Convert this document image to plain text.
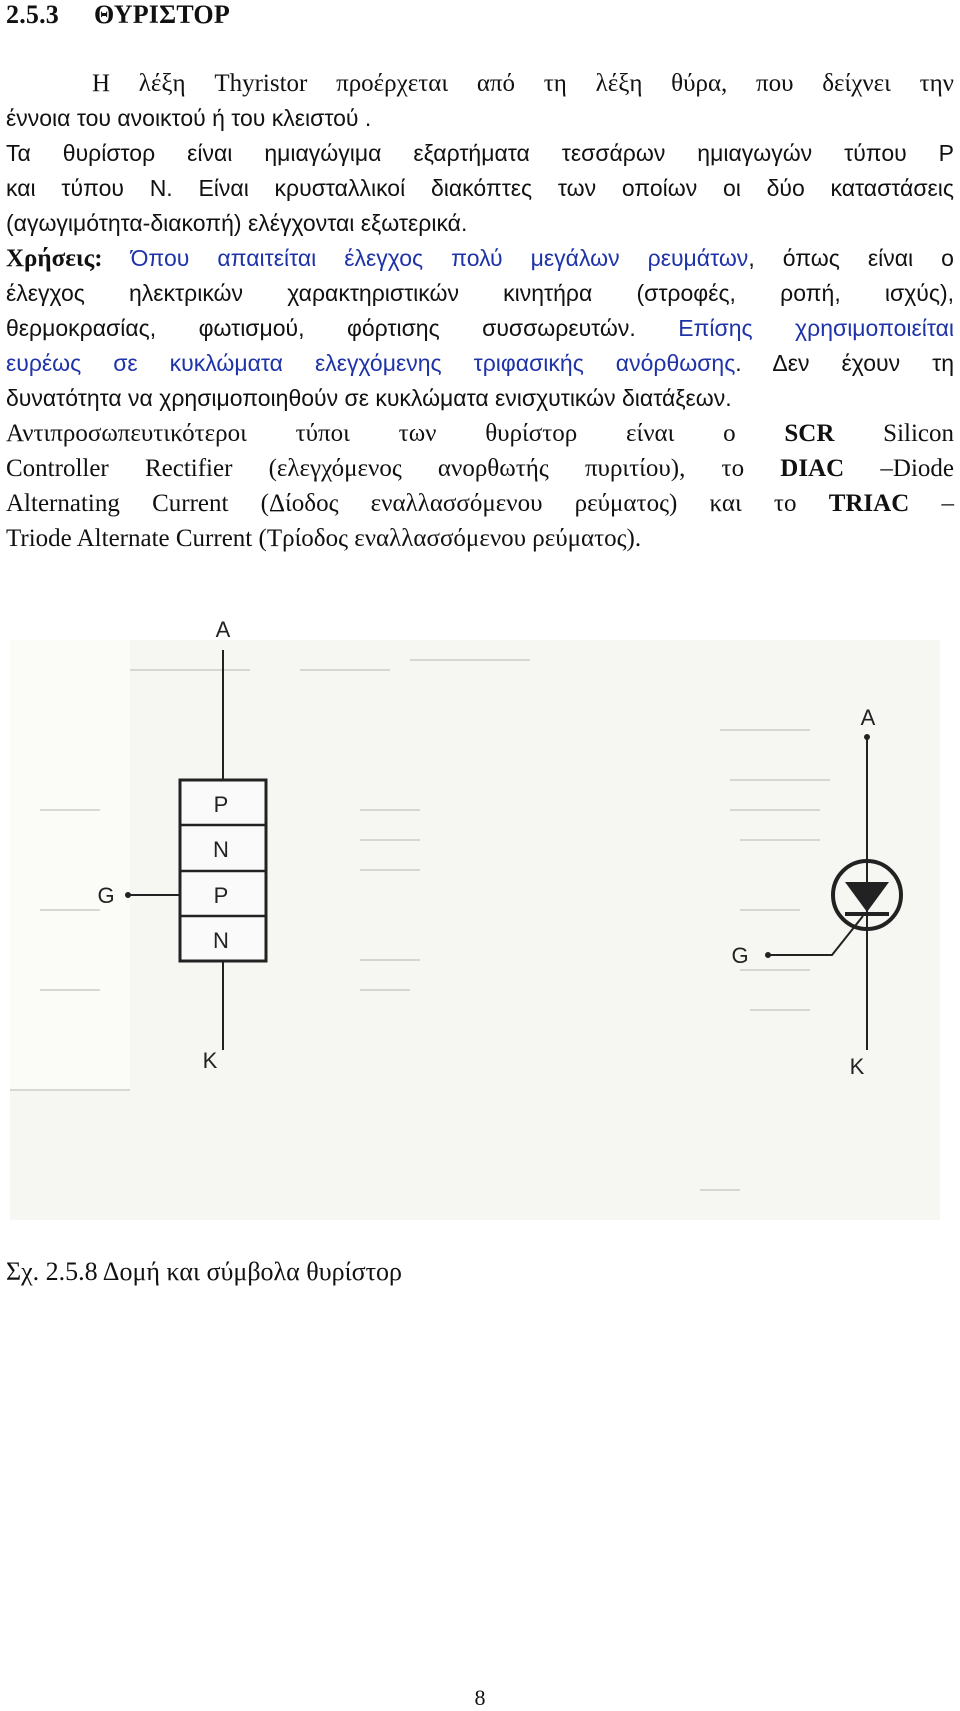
2.5.3 ΘΥΡΙΣΤΟΡ
Η λέξη Thyristor προέρχεται από τη λέξη θύρα, που δείχνει την
έννοια του ανοικτού ή του κλειστού .
Τα θυρίστορ είναι ημιαγώγιμα εξαρτήματα τεσσάρων ημιαγωγών τύπου P
και τύπου N. Είναι κρυσταλλικοί διακόπτες των οποίων οι δύο καταστάσεις
(αγωγιμότητα-διακοπή) ελέγχονται εξωτερικά.
Χρήσεις: Όπου απαιτείται έλεγχος πολύ μεγάλων ρευμάτων, όπως είναι ο
έλεγχος ηλεκτρικών χαρακτηριστικών κινητήρα (στροφές, ροπή, ισχύς),
θερμοκρασίας, φωτισμού, φόρτισης συσσωρευτών. Επίσης χρησιμοποιείται
ευρέως σε κυκλώματα ελεγχόμενης τριφασικής ανόρθωσης. Δεν έχουν τη
δυνατότητα να χρησιμοποιηθούν σε κυκλώματα ενισχυτικών διατάξεων.
Αντιπροσωπευτικότεροι τύποι των θυρίστορ είναι ο SCR Silicon
Controller Rectifier (ελεγχόμενος ανορθωτής πυριτίου), το DIAC –Diode
Alternating Current (Δίοδος εναλλασσόμενου ρεύματος) και το TRIAC –
Triode Alternate Current (Τρίοδος εναλλασσόμενου ρεύματος).
A
P
N
P
N
G
K
A
G
K
Σχ. 2.5.8 Δομή και σύμβολα θυρίστορ
8
